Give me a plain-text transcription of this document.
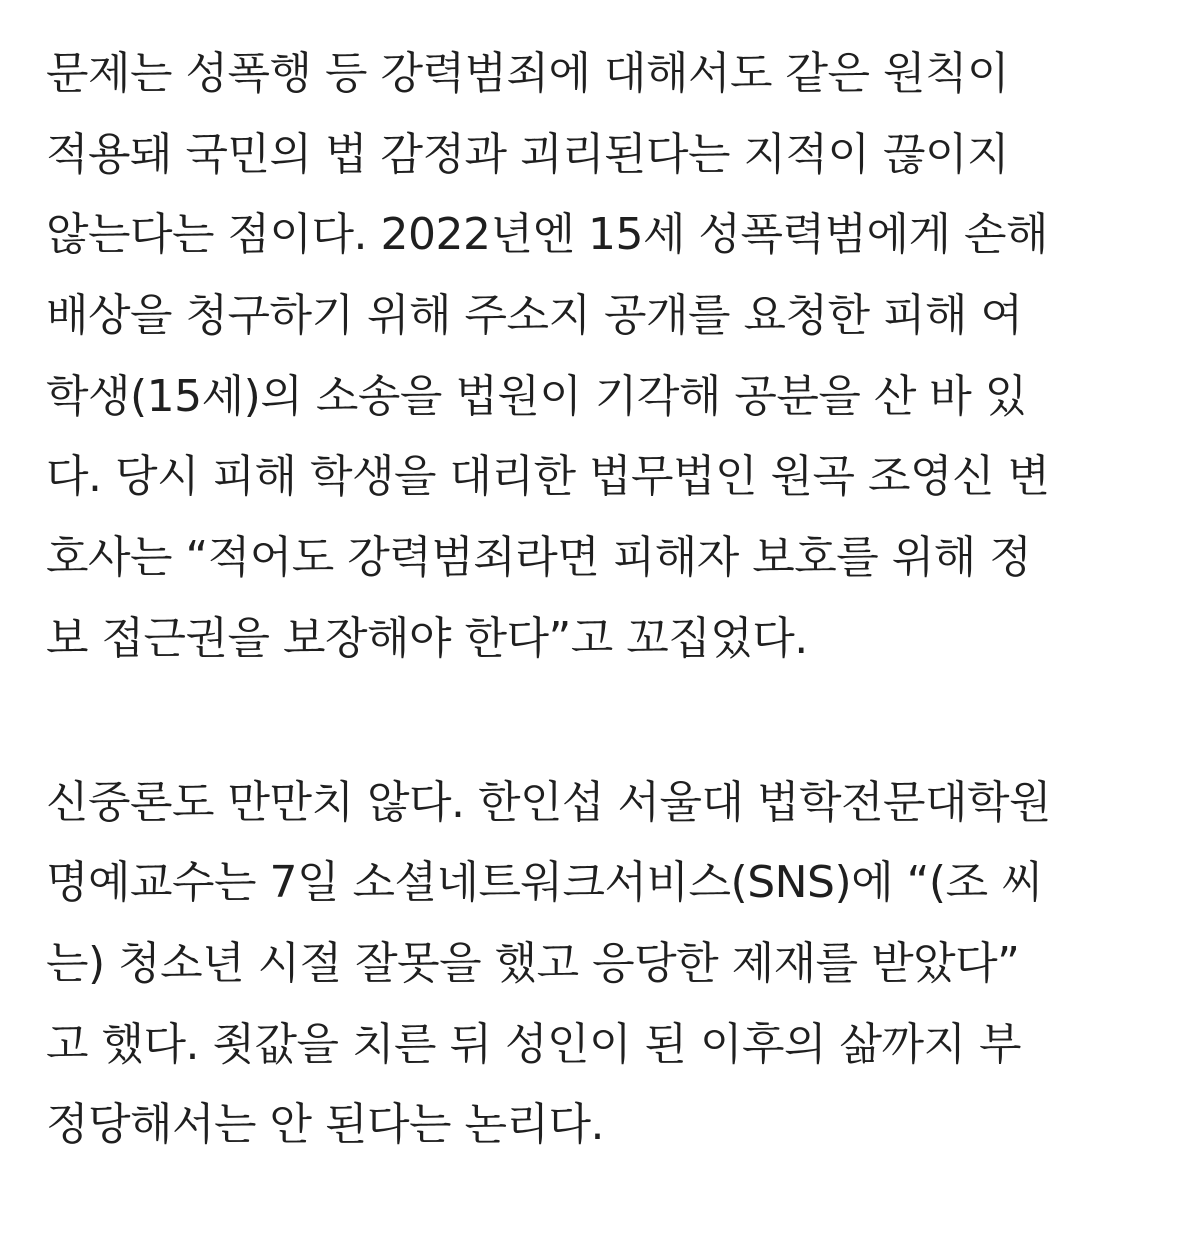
문제는 성폭행 등 강력범죄에 대해서도 같은 원칙이
적용돼 국민의 법 감정과 괴리된다는 지적이 끊이지
않는다는 점이다. 2022년엔 15세 성폭력범에게 손해
배상을 청구하기 위해 주소지 공개를 요청한 피해 여
학생(15세)의 소송을 법원이 기각해 공분을 산 바 있
다. 당시 피해 학생을 대리한 법무법인 원곡 조영신 변
호사는 “적어도 강력범죄라면 피해자 보호를 위해 정
보 접근권을 보장해야 한다”고 꼬집었다.

신중론도 만만치 않다. 한인섭 서울대 법학전문대학원
명예교수는 7일 소셜네트워크서비스(SNS)에 “(조 씨
는) 청소년 시절 잘못을 했고 응당한 제재를 받았다”
고 했다. 죗값을 치른 뒤 성인이 된 이후의 삶까지 부
정당해서는 안 된다는 논리다.
